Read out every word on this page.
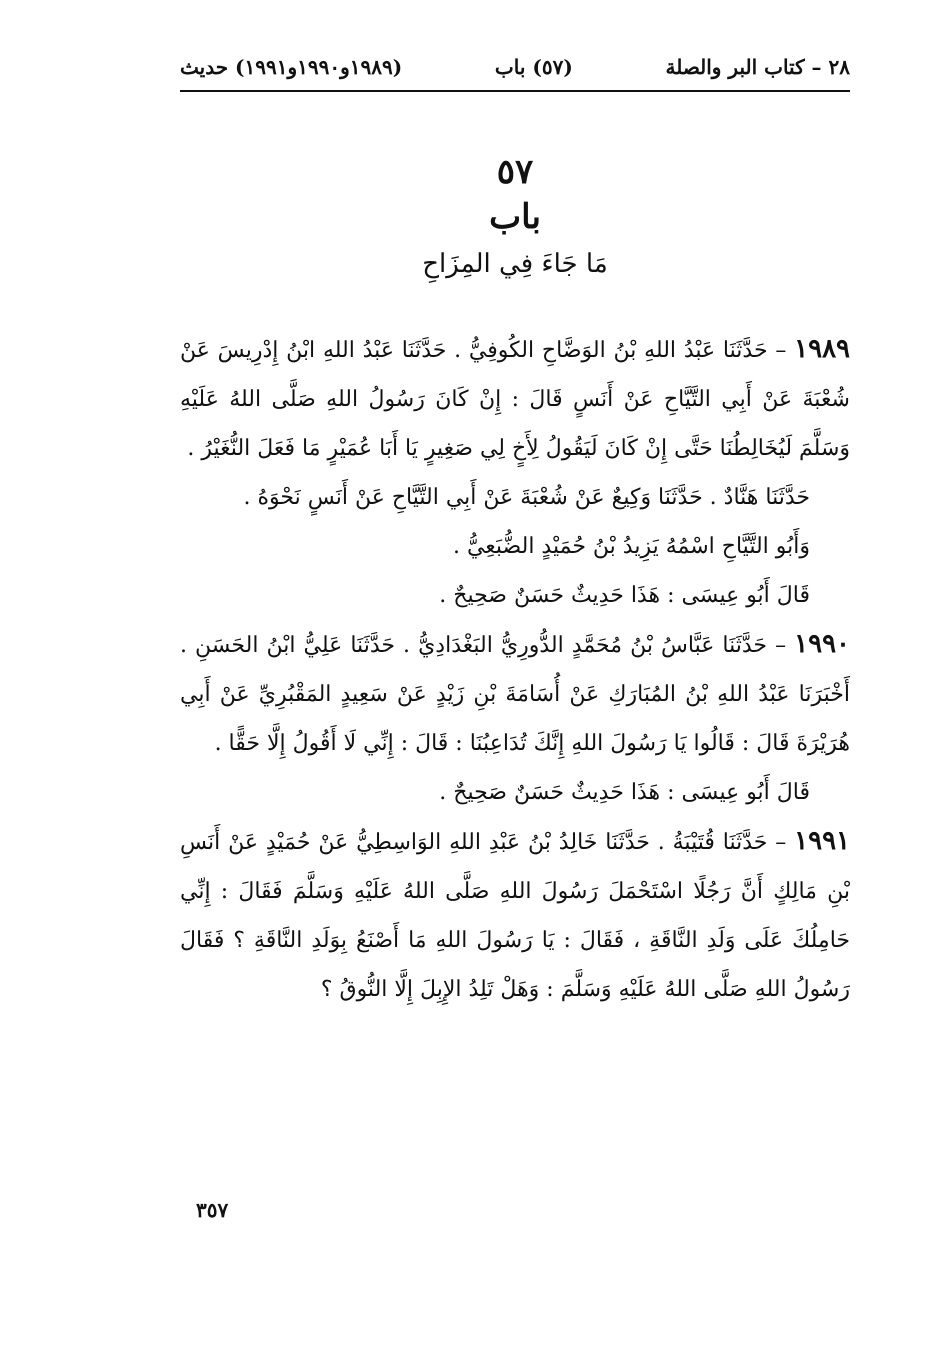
٢٨ – كتاب البر والصلة
(٥٧) باب
(١٩٨٩و١٩٩٠و١٩٩١) حديث
٥٧
باب
مَا جَاءَ فِي المِزَاحِ

١٩٨٩ – حَدَّثَنَا عَبْدُ اللهِ بْنُ الوَضَّاحِ الكُوفِيُّ . حَدَّثَنَا عَبْدُ اللهِ ابْنُ إِدْرِيسَ عَنْ شُعْبَةَ عَنْ أَبِي التَّيَّاحِ عَنْ أَنَسٍ قَالَ : إِنْ كَانَ رَسُولُ اللهِ صَلَّى اللهُ عَلَيْهِ وَسَلَّمَ لَيُخَالِطُنَا حَتَّى إِنْ كَانَ لَيَقُولُ لِأَخٍ لِي صَغِيرٍ يَا أَبَا عُمَيْرٍ مَا فَعَلَ النُّغَيْرُ .

حَدَّثَنَا هَنَّادٌ . حَدَّثَنَا وَكِيعٌ عَنْ شُعْبَةَ عَنْ أَبِي التَّيَّاحِ عَنْ أَنَسٍ نَحْوَهُ .

وَأَبُو التَّيَّاحِ اسْمُهُ يَزِيدُ بْنُ حُمَيْدٍ الضُّبَعِيُّ .

قَالَ أَبُو عِيسَى : هَذَا حَدِيثٌ حَسَنٌ صَحِيحٌ .

١٩٩٠ – حَدَّثَنَا عَبَّاسُ بْنُ مُحَمَّدٍ الدُّورِيُّ البَغْدَادِيُّ . حَدَّثَنَا عَلِيُّ ابْنُ الحَسَنِ . أَخْبَرَنَا عَبْدُ اللهِ بْنُ المُبَارَكِ عَنْ أُسَامَةَ بْنِ زَيْدٍ عَنْ سَعِيدٍ المَقْبُرِيِّ عَنْ أَبِي هُرَيْرَةَ قَالَ : قَالُوا يَا رَسُولَ اللهِ إِنَّكَ تُدَاعِبُنَا : قَالَ : إِنِّي لَا أَقُولُ إِلَّا حَقًّا .

قَالَ أَبُو عِيسَى : هَذَا حَدِيثٌ حَسَنٌ صَحِيحٌ .

١٩٩١ – حَدَّثَنَا قُتَيْبَةُ . حَدَّثَنَا خَالِدُ بْنُ عَبْدِ اللهِ الوَاسِطِيُّ عَنْ حُمَيْدٍ عَنْ أَنَسِ بْنِ مَالِكٍ أَنَّ رَجُلًا اسْتَحْمَلَ رَسُولَ اللهِ صَلَّى اللهُ عَلَيْهِ وَسَلَّمَ فَقَالَ : إِنِّي حَامِلُكَ عَلَى وَلَدِ النَّاقَةِ ، فَقَالَ : يَا رَسُولَ اللهِ مَا أَصْنَعُ بِوَلَدِ النَّاقَةِ ؟ فَقَالَ رَسُولُ اللهِ صَلَّى اللهُ عَلَيْهِ وَسَلَّمَ : وَهَلْ تَلِدُ الإِبِلَ إِلَّا النُّوقُ ؟

٣٥٧
